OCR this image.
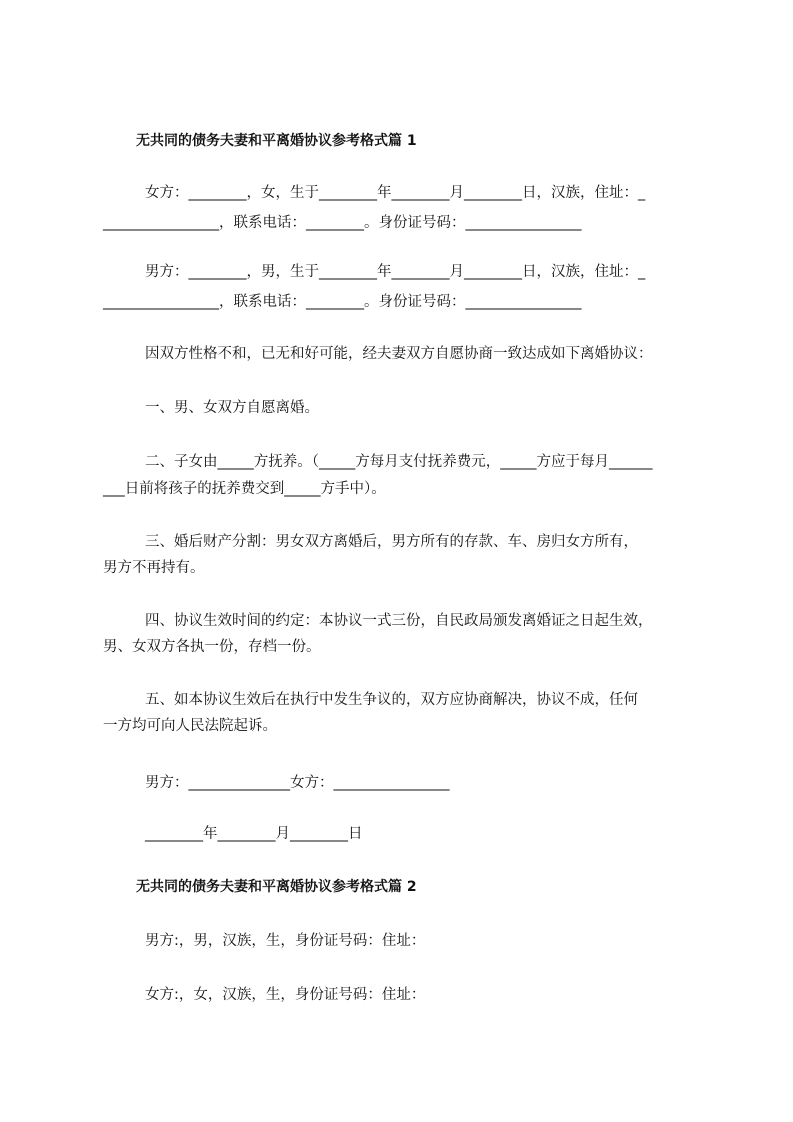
无共同的债务夫妻和平离婚协议参考格式篇 1
女方：________，女，生于________年________月________日，汉族，住址：_
________________，联系电话：________。身份证号码：________________
男方：________，男，生于________年________月________日，汉族，住址：_
________________，联系电话：________。身份证号码：________________
因双方性格不和，已无和好可能，经夫妻双方自愿协商一致达成如下离婚协议：
一、男、女双方自愿离婚。
二、子女由_____方抚养。（_____方每月支付抚养费元，_____方应于每月______
___日前将孩子的抚养费交到_____方手中）。
三、婚后财产分割：男女双方离婚后，男方所有的存款、车、房归女方所有，
男方不再持有。
四、协议生效时间的约定：本协议一式三份，自民政局颁发离婚证之日起生效，
男、女双方各执一份，存档一份。
五、如本协议生效后在执行中发生争议的，双方应协商解决，协议不成，任何
一方均可向人民法院起诉。
男方：______________女方：________________
________年________月________日
无共同的债务夫妻和平离婚协议参考格式篇 2
男方:，男，汉族，生，身份证号码：住址：
女方:，女，汉族，生，身份证号码：住址：
